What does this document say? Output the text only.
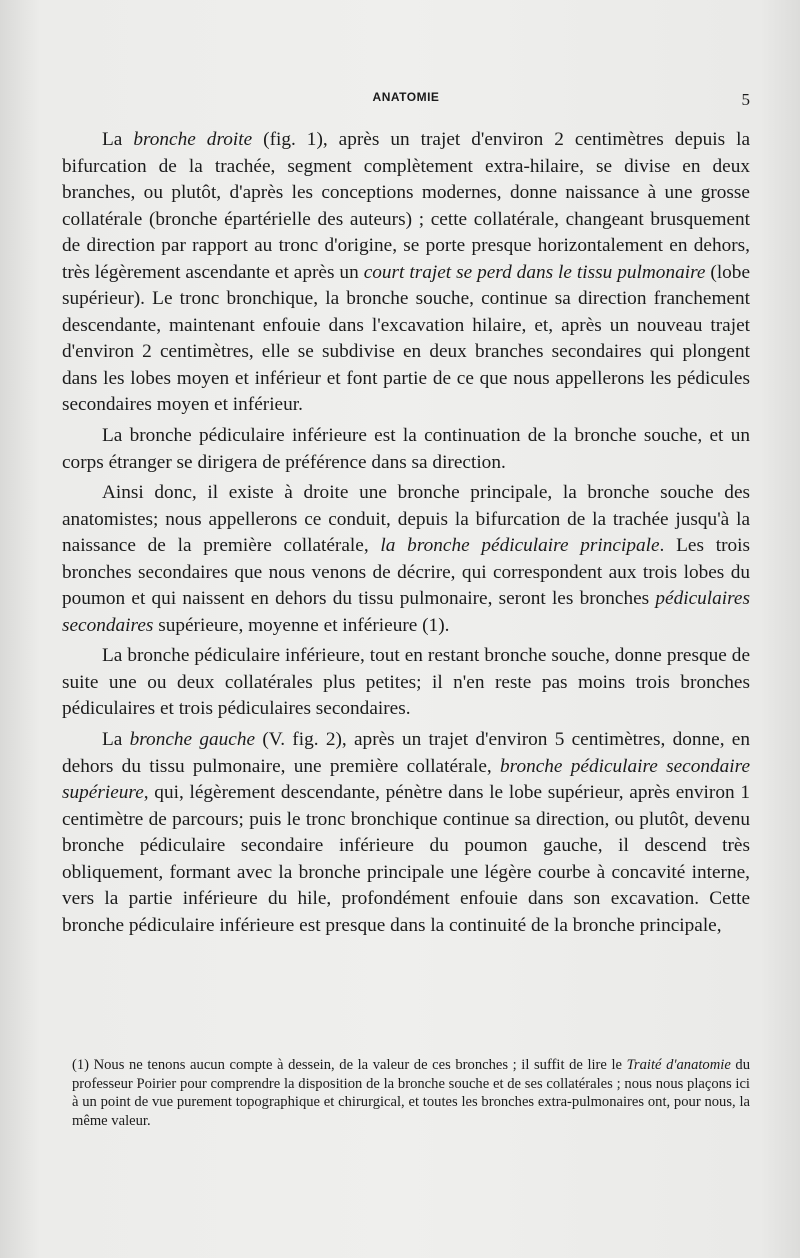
ANATOMIE	5

La bronche droite (fig. 1), après un trajet d'environ 2 centimètres depuis la bifurcation de la trachée, segment complètement extra-hilaire, se divise en deux branches, ou plutôt, d'après les conceptions modernes, donne naissance à une grosse collatérale (bronche épartérielle des auteurs) ; cette collatérale, changeant brusquement de direction par rapport au tronc d'origine, se porte presque horizontalement en dehors, très légèrement ascendante et après un court trajet se perd dans le tissu pulmonaire (lobe supérieur). Le tronc bronchique, la bronche souche, continue sa direction franchement descendante, maintenant enfouie dans l'excavation hilaire, et, après un nouveau trajet d'environ 2 centimètres, elle se subdivise en deux branches secondaires qui plongent dans les lobes moyen et inférieur et font partie de ce que nous appellerons les pédicules secondaires moyen et inférieur.

La bronche pédiculaire inférieure est la continuation de la bronche souche, et un corps étranger se dirigera de préférence dans sa direction.

Ainsi donc, il existe à droite une bronche principale, la bronche souche des anatomistes; nous appellerons ce conduit, depuis la bifurcation de la trachée jusqu'à la naissance de la première collatérale, la bronche pédiculaire principale. Les trois bronches secondaires que nous venons de décrire, qui correspondent aux trois lobes du poumon et qui naissent en dehors du tissu pulmonaire, seront les bronches pédiculaires secondaires supérieure, moyenne et inférieure (1).

La bronche pédiculaire inférieure, tout en restant bronche souche, donne presque de suite une ou deux collatérales plus petites; il n'en reste pas moins trois bronches pédiculaires et trois pédiculaires secondaires.

La bronche gauche (V. fig. 2), après un trajet d'environ 5 centimètres, donne, en dehors du tissu pulmonaire, une première collatérale, bronche pédiculaire secondaire supérieure, qui, légèrement descendante, pénètre dans le lobe supérieur, après environ 1 centimètre de parcours; puis le tronc bronchique continue sa direction, ou plutôt, devenu bronche pédiculaire secondaire inférieure du poumon gauche, il descend très obliquement, formant avec la bronche principale une légère courbe à concavité interne, vers la partie inférieure du hile, profondément enfouie dans son excavation. Cette bronche pédiculaire inférieure est presque dans la continuité de la bronche principale,

(1) Nous ne tenons aucun compte à dessein, de la valeur de ces bronches ; il suffit de lire le Traité d'anatomie du professeur Poirier pour comprendre la disposition de la bronche souche et de ses collatérales ; nous nous plaçons ici à un point de vue purement topographique et chirurgical, et toutes les bronches extra-pulmonaires ont, pour nous, la même valeur.
